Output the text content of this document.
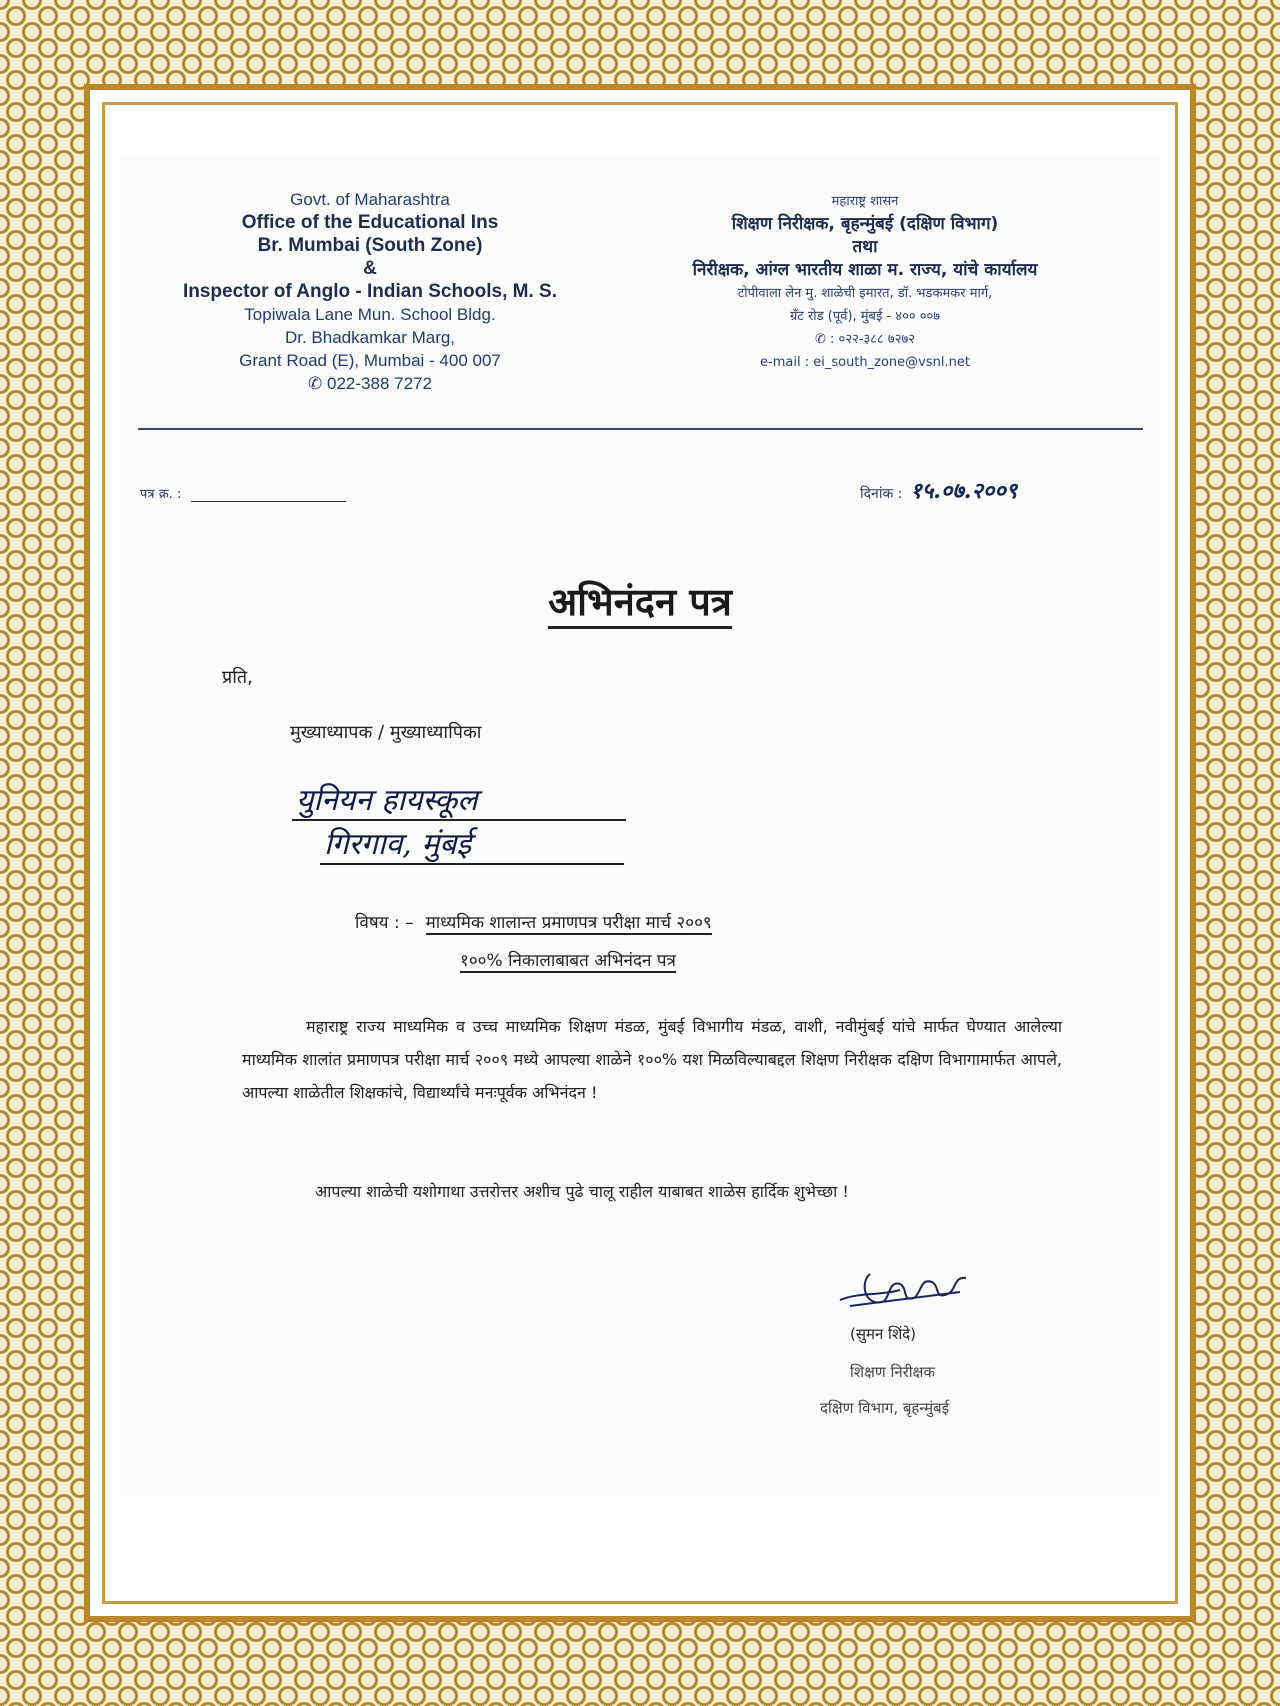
Govt. of Maharashtra
Office of the Educational Ins
Br. Mumbai (South Zone)
&
Inspector of Anglo - Indian Schools, M. S.
Topiwala Lane Mun. School Bldg.
Dr. Bhadkamkar Marg,
Grant Road (E), Mumbai - 400 007
✆ 022-388 7272
महाराष्ट्र शासन
शिक्षण निरीक्षक, बृहन्मुंबई (दक्षिण विभाग)
तथा
निरीक्षक, आंग्ल भारतीय शाळा म. राज्य, यांचे कार्यालय
टोपीवाला लेन मु. शाळेची इमारत, डॉ. भडकमकर मार्ग,
ग्रँट रोड (पूर्व), मुंबई - ४०० ००७
✆ : ०२२-३८८ ७२७२
e-mail : ei_south_zone@vsnl.net
पत्र क्र. :	दिनांक : १५.०७.२००९
अभिनंदन पत्र
प्रति,
मुख्याध्यापक / मुख्याध्यापिका
युनियन हायस्कूल
गिरगाव, मुंबई
विषय : – माध्यमिक शालान्त प्रमाणपत्र परीक्षा मार्च २००९
१००% निकालाबाबत अभिनंदन पत्र
महाराष्ट्र राज्य माध्यमिक व उच्च माध्यमिक शिक्षण मंडळ, मुंबई विभागीय मंडळ, वाशी, नवीमुंबई यांचे मार्फत घेण्यात आलेल्या माध्यमिक शालांत प्रमाणपत्र परीक्षा मार्च २००९ मध्ये आपल्या शाळेने १००% यश मिळविल्याबद्दल शिक्षण निरीक्षक दक्षिण विभागामार्फत आपले, आपल्या शाळेतील शिक्षकांचे, विद्यार्थ्यांचे मनःपूर्वक अभिनंदन !
आपल्या शाळेची यशोगाथा उत्तरोत्तर अशीच पुढे चालू राहील याबाबत शाळेस हार्दिक शुभेच्छा !
(सुमन शिंदे)
शिक्षण निरीक्षक
दक्षिण विभाग, बृहन्मुंबई
